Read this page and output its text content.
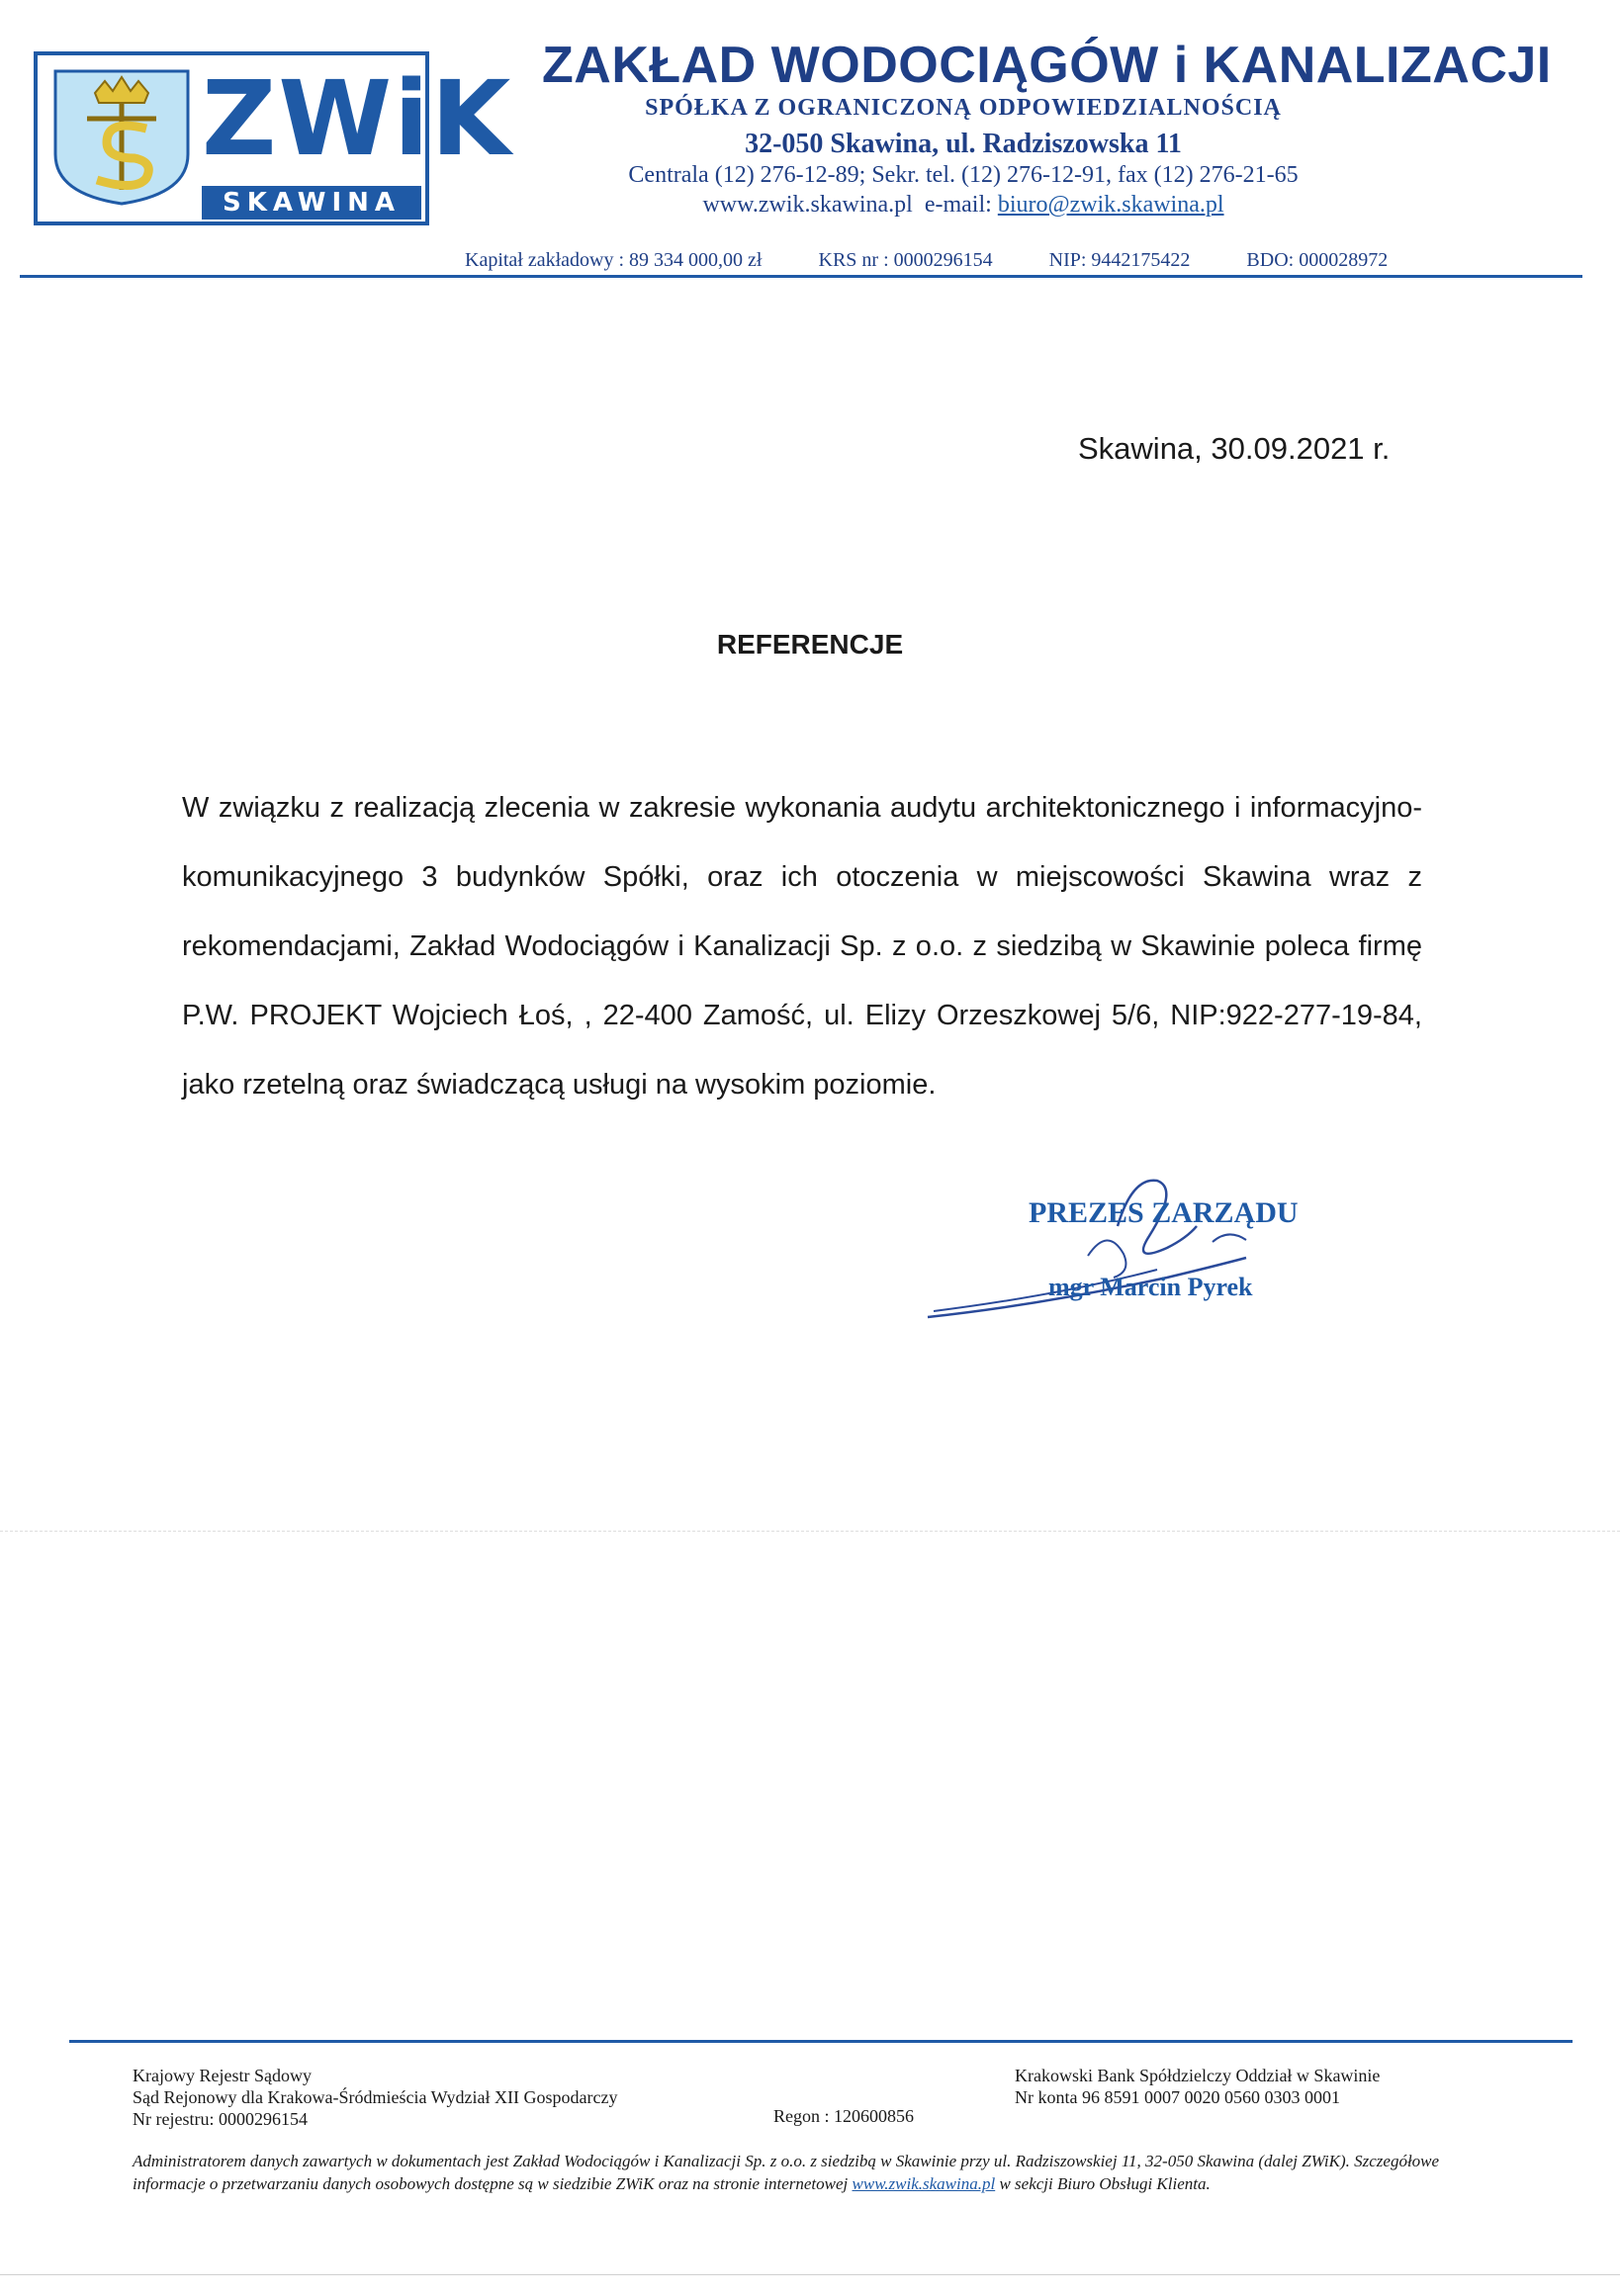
ZWiK
SKAWINA
ZAKŁAD WODOCIĄGÓW i KANALIZACJI
SPÓŁKA Z OGRANICZONĄ ODPOWIEDZIALNOŚCIĄ
32-050 Skawina, ul. Radziszowska 11
Centrala (12) 276-12-89; Sekr. tel. (12) 276-12-91, fax (12) 276-21-65
www.zwik.skawina.pl e-mail: biuro@zwik.skawina.pl
Kapitał zakładowy : 89 334 000,00 zł	KRS nr : 0000296154	NIP: 9442175422	BDO: 000028972
Skawina, 30.09.2021 r.
REFERENCJE
W związku z realizacją zlecenia w zakresie wykonania audytu architektonicznego i informacyjno-komunikacyjnego 3 budynków Spółki, oraz ich otoczenia w miejscowości Skawina wraz z rekomendacjami, Zakład Wodociągów i Kanalizacji Sp. z o.o. z siedzibą w Skawinie poleca firmę P.W. PROJEKT Wojciech Łoś, , 22-400 Zamość, ul. Elizy Orzeszkowej 5/6, NIP:922-277-19-84, jako rzetelną oraz świadczącą usługi na wysokim poziomie.
PREZES ZARZĄDU
mgr Marcin Pyrek
Krajowy Rejestr Sądowy
Sąd Rejonowy dla Krakowa-Śródmieścia Wydział XII Gospodarczy
Nr rejestru: 0000296154	Regon : 120600856
Krakowski Bank Spółdzielczy Oddział w Skawinie
Nr konta 96 8591 0007 0020 0560 0303 0001
Administratorem danych zawartych w dokumentach jest Zakład Wodociągów i Kanalizacji Sp. z o.o. z siedzibą w Skawinie przy ul. Radziszowskiej 11, 32-050 Skawina (dalej ZWiK). Szczegółowe informacje o przetwarzaniu danych osobowych dostępne są w siedzibie ZWiK oraz na stronie internetowej www.zwik.skawina.pl w sekcji Biuro Obsługi Klienta.
